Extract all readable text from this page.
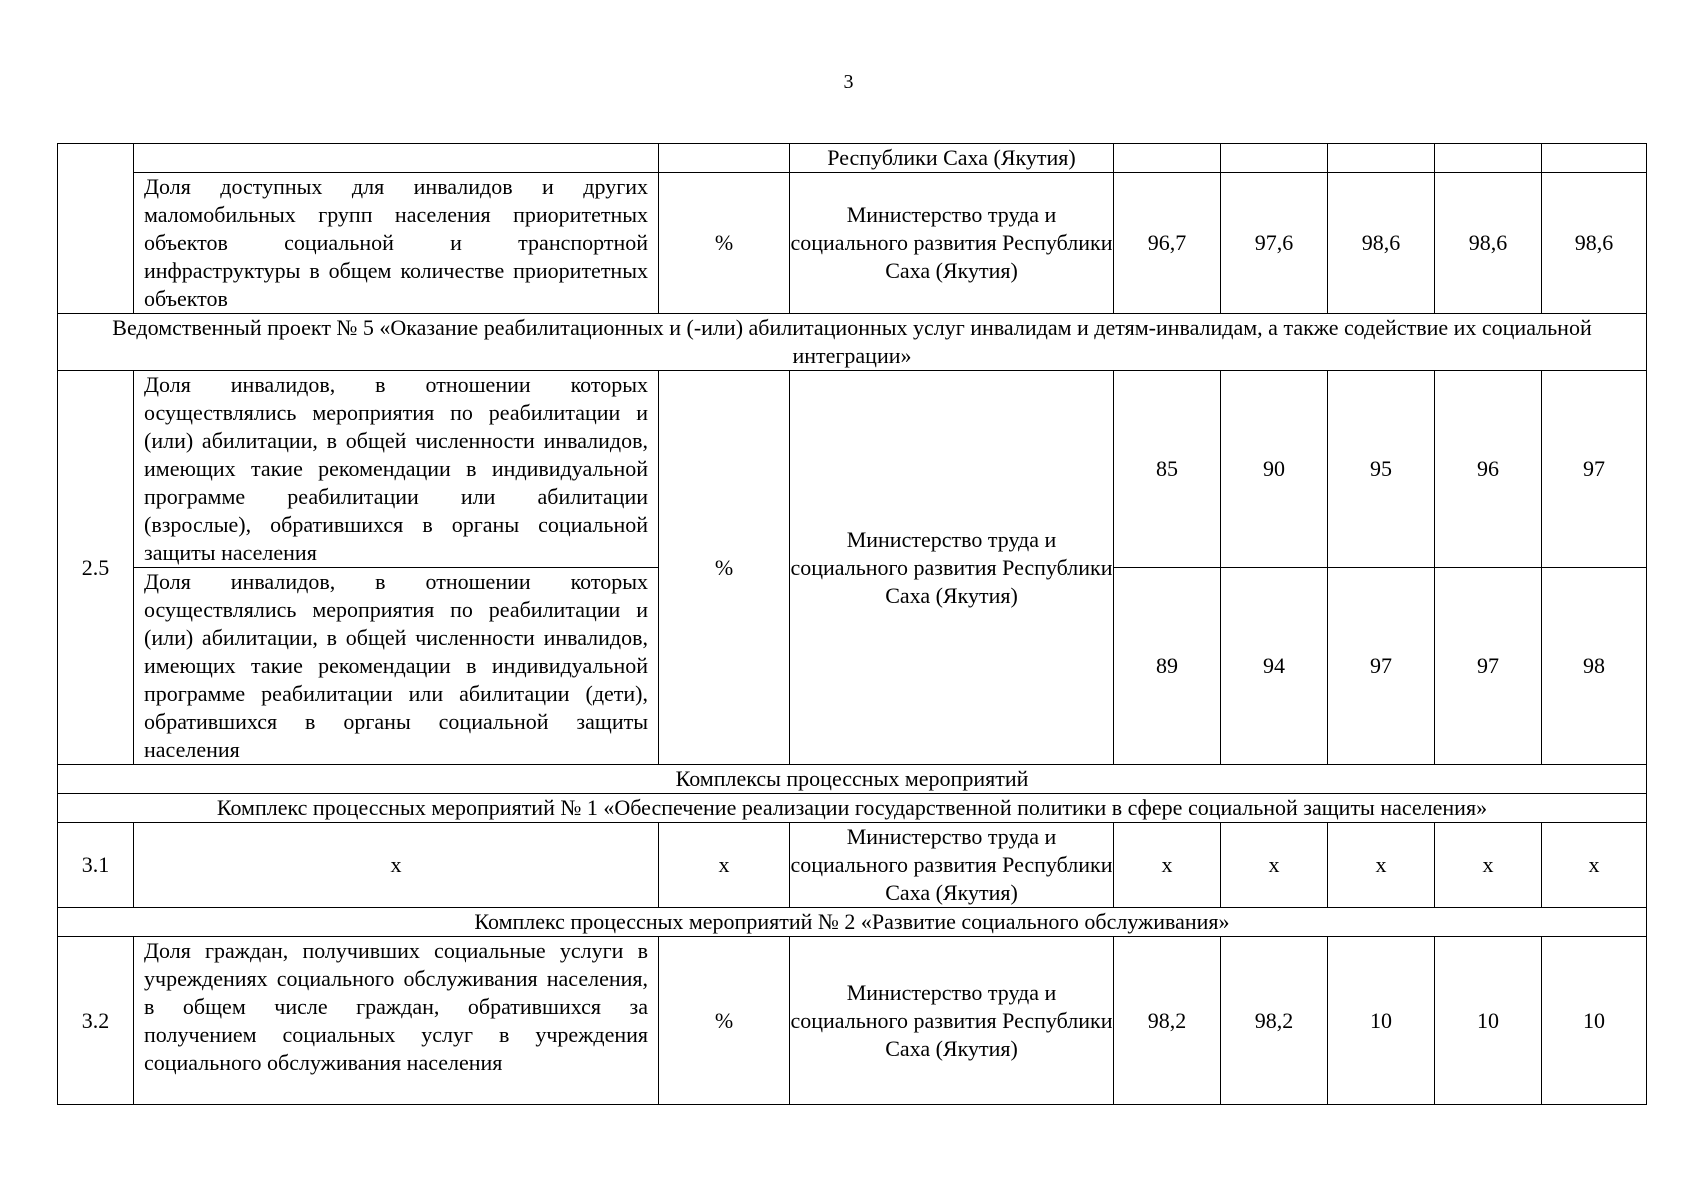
3
			Республики Саха (Якутия)					

	Доля доступных для инвалидов и других маломобильных групп населения приоритетных объектов социальной и транспортной инфраструктуры в общем количестве приоритетных объектов	%	Министерство труда и социального развития Республики Саха (Якутия)	96,7	97,6	98,6	98,6	98,6
Ведомственный проект № 5 «Оказание реабилитационных и (-или) абилитационных услуг инвалидам и детям-инвалидам, а также содействие их социальной интеграции»								
2.5	Доля инвалидов, в отношении которых осуществлялись мероприятия по реабилитации и (или) абилитации, в общей численности инвалидов, имеющих такие рекомендации в индивидуальной программе реабилитации или абилитации (взрослые), обратившихся в органы социальной защиты населения	%	Министерство труда и социального развития Республики Саха (Якутия)	85	90	95	96	97

	Доля инвалидов, в отношении которых осуществлялись мероприятия по реабилитации и (или) абилитации, в общей численности инвалидов, имеющих такие рекомендации в индивидуальной программе реабилитации или абилитации (дети), обратившихся в органы социальной защиты населения			89	94	97	97	98
Комплексы процессных мероприятий								
Комплекс процессных мероприятий № 1 «Обеспечение реализации государственной политики в сфере социальной защиты населения»								
3.1	х	х	Министерство труда и социального развития Республики Саха (Якутия)	х	х	х	х	х
Комплекс процессных мероприятий № 2 «Развитие социального обслуживания»								
3.2	Доля граждан, получивших социальные услуги в учреждениях социального обслуживания населения, в общем числе граждан, обратившихся за получением социальных услуг в учреждения социального обслуживания населения	%	Министерство труда и социального развития Республики Саха (Якутия)	98,2	98,2	10	10	10
